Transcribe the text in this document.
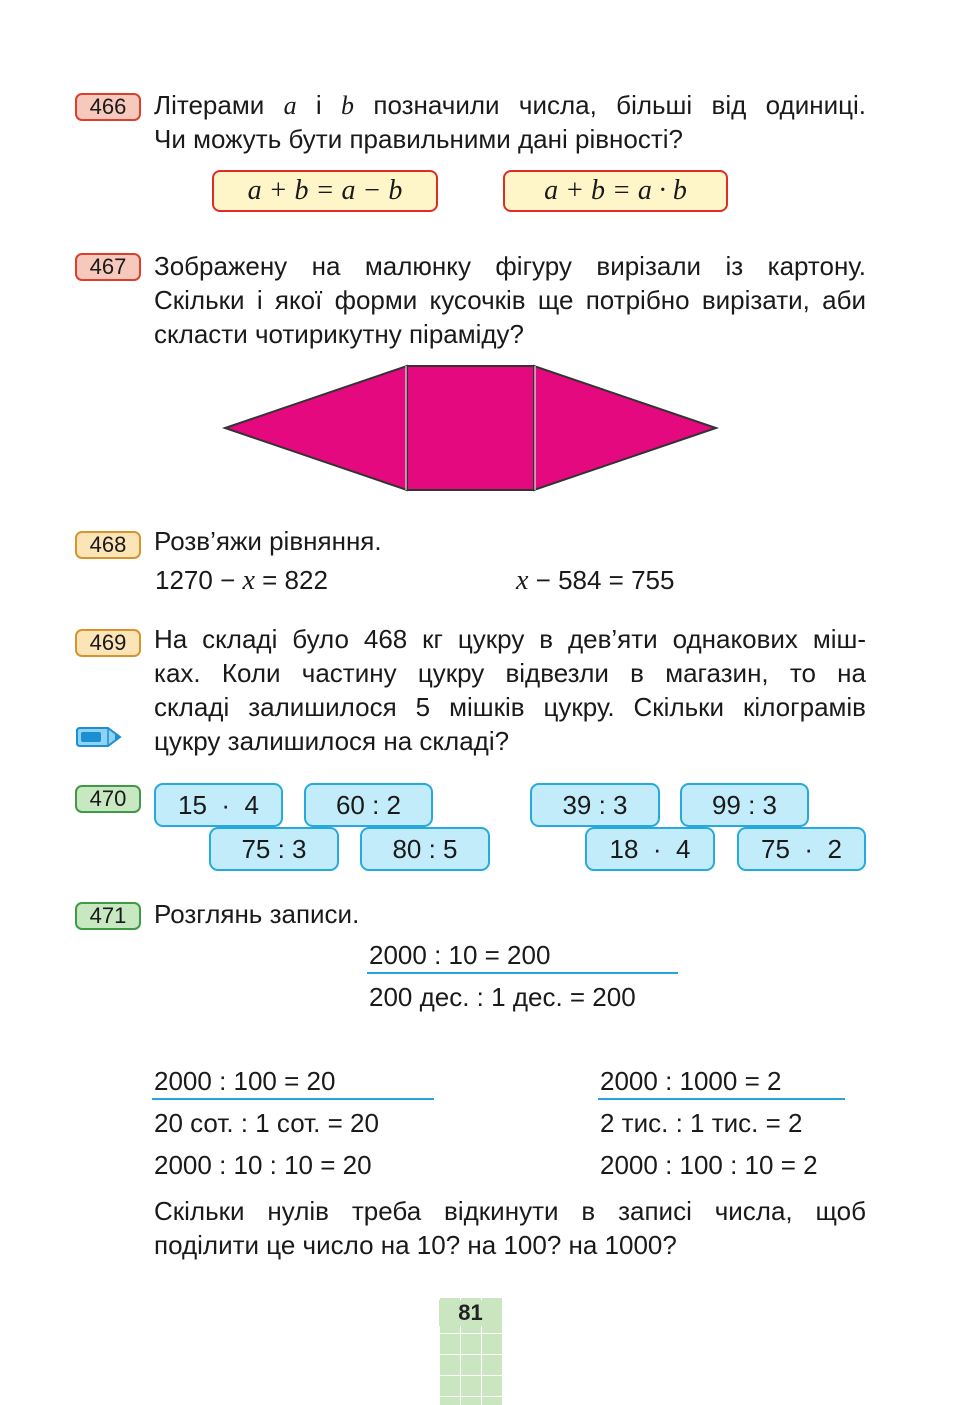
466	Літерами a і b позначили числа, більші від одиниці.
Чи можуть бути правильними дані рівності?
a + b = a − b	a + b = a · b
467	Зображену на малюнку фігуру вирізали із картону.
Скільки і якої форми кусочків ще потрібно вирізати, аби
скласти чотирикутну піраміду?
468	Розв’яжи рівняння.
1270 − x = 822	x − 584 = 755
469	На складі було 468 кг цукру в дев’яти однакових міш-
ках. Коли частину цукру відвезли в магазин, то на
складі залишилося 5 мішків цукру. Скільки кілограмів
цукру залишилося на складі?
470	15  ·  4	60 : 2
75 : 3	80 : 5
39 : 3	99 : 3
18  ·  4	75  ·  2
471	Розглянь записи.
2000 : 10 = 200
200 дес. : 1 дес. = 200
2000 : 100 = 20
20 сот. : 1 сот. = 20
2000 : 10 : 10 = 20
2000 : 1000 = 2
2 тис. : 1 тис. = 2
2000 : 100 : 10 = 2
Скільки нулів треба відкинути в записі числа, щоб
поділити це число на 10? на 100? на 1000?
81
